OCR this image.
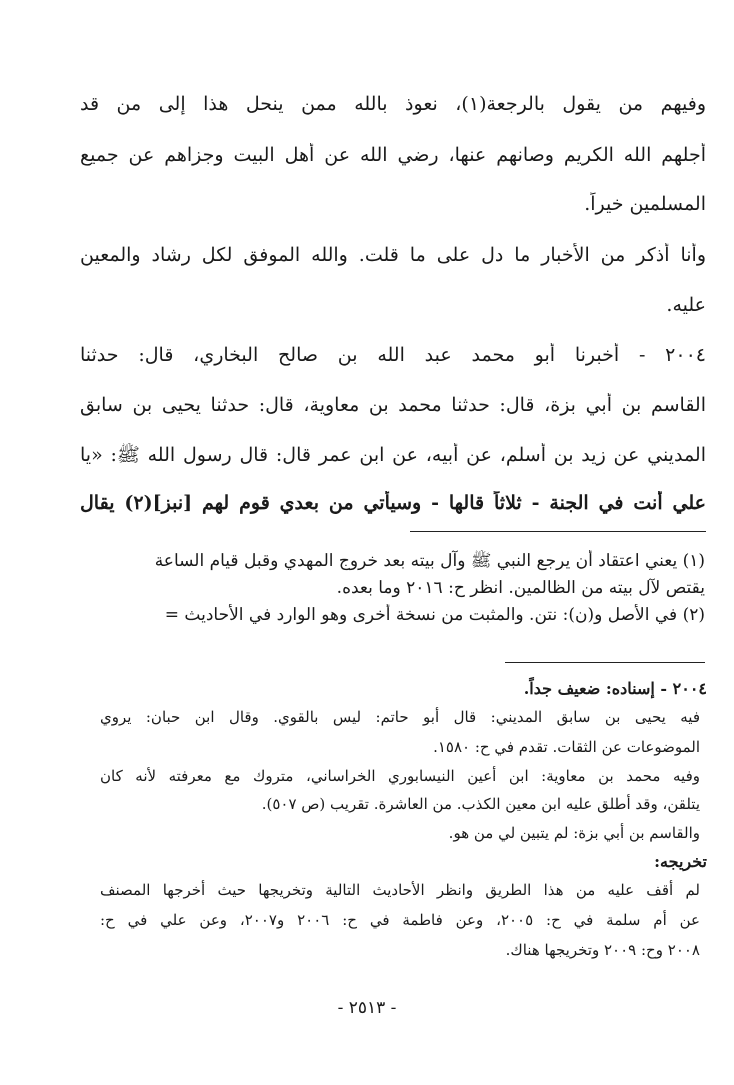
وفيهم من يقول بالرجعة(١)، نعوذ بالله ممن ينحل هذا إلى من قد
أجلهم الله الكريم وصانهم عنها، رضي الله عن أهل البيت وجزاهم عن جميع
المسلمين خيراً.
وأنا أذكر من الأخبار ما دل على ما قلت. والله الموفق لكل رشاد والمعين
عليه.
٢٠٠٤ - أخبرنا أبو محمد عبد الله بن صالح البخاري، قال: حدثنا
القاسم بن أبي بزة، قال: حدثنا محمد بن معاوية، قال: حدثنا يحيى بن سابق
المديني عن زيد بن أسلم، عن أبيه، عن ابن عمر قال: قال رسول الله ﷺ: «يا
علي أنت في الجنة - ثلاثاً قالها - وسيأتي من بعدي قوم لهم [نبز](٢) يقال
(١) يعني اعتقاد أن يرجع النبي ﷺ وآل بيته بعد خروج المهدي وقبل قيام الساعة
يقتص لآل بيته من الظالمين. انظر ح: ٢٠١٦ وما بعده.
(٢) في الأصل و(ن): نتن. والمثبت من نسخة أخرى وهو الوارد في الأحاديث =
٢٠٠٤ - إسناده: ضعيف جداً.
فيه يحيى بن سابق المديني: قال أبو حاتم: ليس بالقوي. وقال ابن حبان: يروي
الموضوعات عن الثقات. تقدم في ح: ١٥٨٠.
وفيه محمد بن معاوية: ابن أعين النيسابوري الخراساني، متروك مع معرفته لأنه كان
يتلقن، وقد أطلق عليه ابن معين الكذب. من العاشرة. تقريب (ص ٥٠٧).
والقاسم بن أبي بزة: لم يتبين لي من هو.
تخريجه:
لم أقف عليه من هذا الطريق وانظر الأحاديث التالية وتخريجها حيث أخرجها المصنف
عن أم سلمة في ح: ٢٠٠٥، وعن فاطمة في ح: ٢٠٠٦ و٢٠٠٧، وعن علي في ح:
٢٠٠٨ وح: ٢٠٠٩ وتخريجها هناك.
- ٢٥١٣ -
